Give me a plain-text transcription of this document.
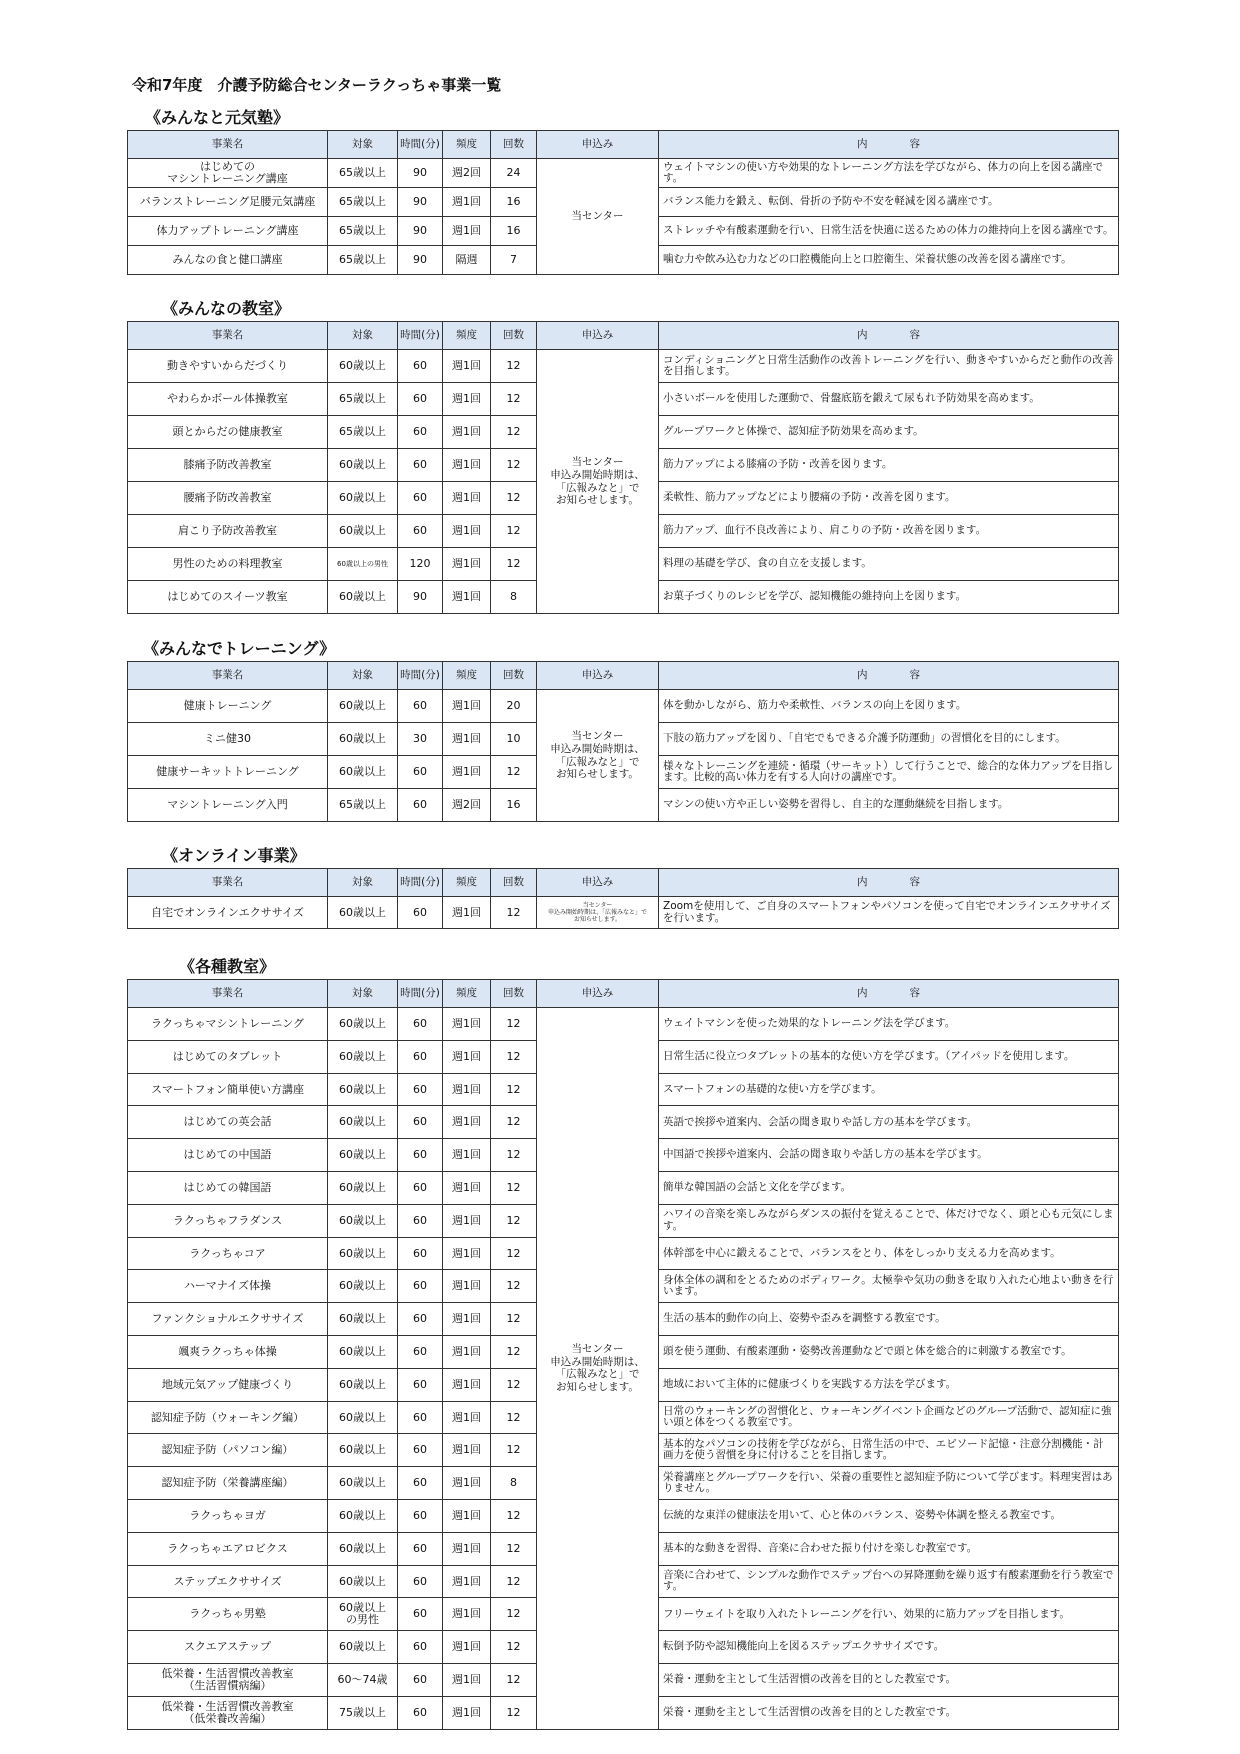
令和7年度　介護予防総合センターラクっちゃ事業一覧
《みんなと元気塾》
事業名	対象	時間(分)	頻度	回数	申込み	内　　　　容
はじめての
マシントレーニング講座	65歳以上	90	週2回	24	当センター	ウェイトマシンの使い方や効果的なトレーニング方法を学びながら、体力の向上を図る講座です。
バランストレーニング足腰元気講座	65歳以上	90	週1回	16		バランス能力を鍛え、転倒、骨折の予防や不安を軽減を図る講座です。
体力アップトレーニング講座	65歳以上	90	週1回	16		ストレッチや有酸素運動を行い、日常生活を快適に送るための体力の維持向上を図る講座です。
みんなの食と健口講座	65歳以上	90	隔週	7		噛む力や飲み込む力などの口腔機能向上と口腔衛生、栄養状態の改善を図る講座です。
《みんなの教室》
事業名	対象	時間(分)	頻度	回数	申込み	内　　　　容
動きやすいからだづくり	60歳以上	60	週1回	12	当センター
申込み開始時期は、
「広報みなと」で
お知らせします。	コンディショニングと日常生活動作の改善トレーニングを行い、動きやすいからだと動作の改善を目指します。
やわらかボール体操教室	65歳以上	60	週1回	12		小さいボールを使用した運動で、骨盤底筋を鍛えて尿もれ予防効果を高めます。
頭とからだの健康教室	65歳以上	60	週1回	12		グループワークと体操で、認知症予防効果を高めます。
膝痛予防改善教室	60歳以上	60	週1回	12		筋力アップによる膝痛の予防・改善を図ります。
腰痛予防改善教室	60歳以上	60	週1回	12		柔軟性、筋力アップなどにより腰痛の予防・改善を図ります。
肩こり予防改善教室	60歳以上	60	週1回	12		筋力アップ、血行不良改善により、肩こりの予防・改善を図ります。
男性のための料理教室	60歳以上の男性	120	週1回	12		料理の基礎を学び、食の自立を支援します。
はじめてのスイーツ教室	60歳以上	90	週1回	8		お菓子づくりのレシピを学び、認知機能の維持向上を図ります。
《みんなでトレーニング》
事業名	対象	時間(分)	頻度	回数	申込み	内　　　　容
健康トレーニング	60歳以上	60	週1回	20	当センター
申込み開始時期は、
「広報みなと」で
お知らせします。	体を動かしながら、筋力や柔軟性、バランスの向上を図ります。
ミニ健30	60歳以上	30	週1回	10		下肢の筋力アップを図り、「自宅でもできる介護予防運動」の習慣化を目的にします。
健康サーキットトレーニング	60歳以上	60	週1回	12		様々なトレーニングを連続・循環（サーキット）して行うことで、総合的な体力アップを目指します。比較的高い体力を有する人向けの講座です。
マシントレーニング入門	65歳以上	60	週2回	16		マシンの使い方や正しい姿勢を習得し、自主的な運動継続を目指します。
《オンライン事業》
事業名	対象	時間(分)	頻度	回数	申込み	内　　　　容
自宅でオンラインエクササイズ	60歳以上	60	週1回	12	当センター
申込み開始時期は、「広報みなと」で
お知らせします。	Zoomを使用して、ご自身のスマートフォンやパソコンを使って自宅でオンラインエクササイズを行います。
《各種教室》
事業名	対象	時間(分)	頻度	回数	申込み	内　　　　容
ラクっちゃマシントレーニング	60歳以上	60	週1回	12	当センター
申込み開始時期は、
「広報みなと」で
お知らせします。	ウェイトマシンを使った効果的なトレーニング法を学びます。
はじめてのタブレット	60歳以上	60	週1回	12		日常生活に役立つタブレットの基本的な使い方を学びます。（アイパッドを使用します。
スマートフォン簡単使い方講座	60歳以上	60	週1回	12		スマートフォンの基礎的な使い方を学びます。
はじめての英会話	60歳以上	60	週1回	12		英語で挨拶や道案内、会話の聞き取りや話し方の基本を学びます。
はじめての中国語	60歳以上	60	週1回	12		中国語で挨拶や道案内、会話の聞き取りや話し方の基本を学びます。
はじめての韓国語	60歳以上	60	週1回	12		簡単な韓国語の会話と文化を学びます。
ラクっちゃフラダンス	60歳以上	60	週1回	12		ハワイの音楽を楽しみながらダンスの振付を覚えることで、体だけでなく、頭と心も元気にします。
ラクっちゃコア	60歳以上	60	週1回	12		体幹部を中心に鍛えることで、バランスをとり、体をしっかり支える力を高めます。
ハーマナイズ体操	60歳以上	60	週1回	12		身体全体の調和をとるためのボディワーク。太極拳や気功の動きを取り入れた心地よい動きを行います。
ファンクショナルエクササイズ	60歳以上	60	週1回	12		生活の基本的動作の向上、姿勢や歪みを調整する教室です。
颯爽ラクっちゃ体操	60歳以上	60	週1回	12		頭を使う運動、有酸素運動・姿勢改善運動などで頭と体を総合的に刺激する教室です。
地域元気アップ健康づくり	60歳以上	60	週1回	12		地域において主体的に健康づくりを実践する方法を学びます。
認知症予防（ウォーキング編）	60歳以上	60	週1回	12		日常のウォーキングの習慣化と、ウォーキングイベント企画などのグループ活動で、認知症に強い頭と体をつくる教室です。
認知症予防（パソコン編）	60歳以上	60	週1回	12		基本的なパソコンの技術を学びながら、日常生活の中で、エピソード記憶・注意分割機能・計画力を使う習慣を身に付けることを目指します。
認知症予防（栄養講座編）	60歳以上	60	週1回	8		栄養講座とグループワークを行い、栄養の重要性と認知症予防について学びます。料理実習はありません。
ラクっちゃヨガ	60歳以上	60	週1回	12		伝統的な東洋の健康法を用いて、心と体のバランス、姿勢や体調を整える教室です。
ラクっちゃエアロビクス	60歳以上	60	週1回	12		基本的な動きを習得、音楽に合わせた振り付けを楽しむ教室です。
ステップエクササイズ	60歳以上	60	週1回	12		音楽に合わせて、シンプルな動作でステップ台への昇降運動を繰り返す有酸素運動を行う教室です。
ラクっちゃ男塾	60歳以上
の男性	60	週1回	12		フリーウェイトを取り入れたトレーニングを行い、効果的に筋力アップを目指します。
スクエアステップ	60歳以上	60	週1回	12		転倒予防や認知機能向上を図るステップエクササイズです。
低栄養・生活習慣改善教室
（生活習慣病編）	60～74歳	60	週1回	12		栄養・運動を主として生活習慣の改善を目的とした教室です。
低栄養・生活習慣改善教室
（低栄養改善編）	75歳以上	60	週1回	12		栄養・運動を主として生活習慣の改善を目的とした教室です。
